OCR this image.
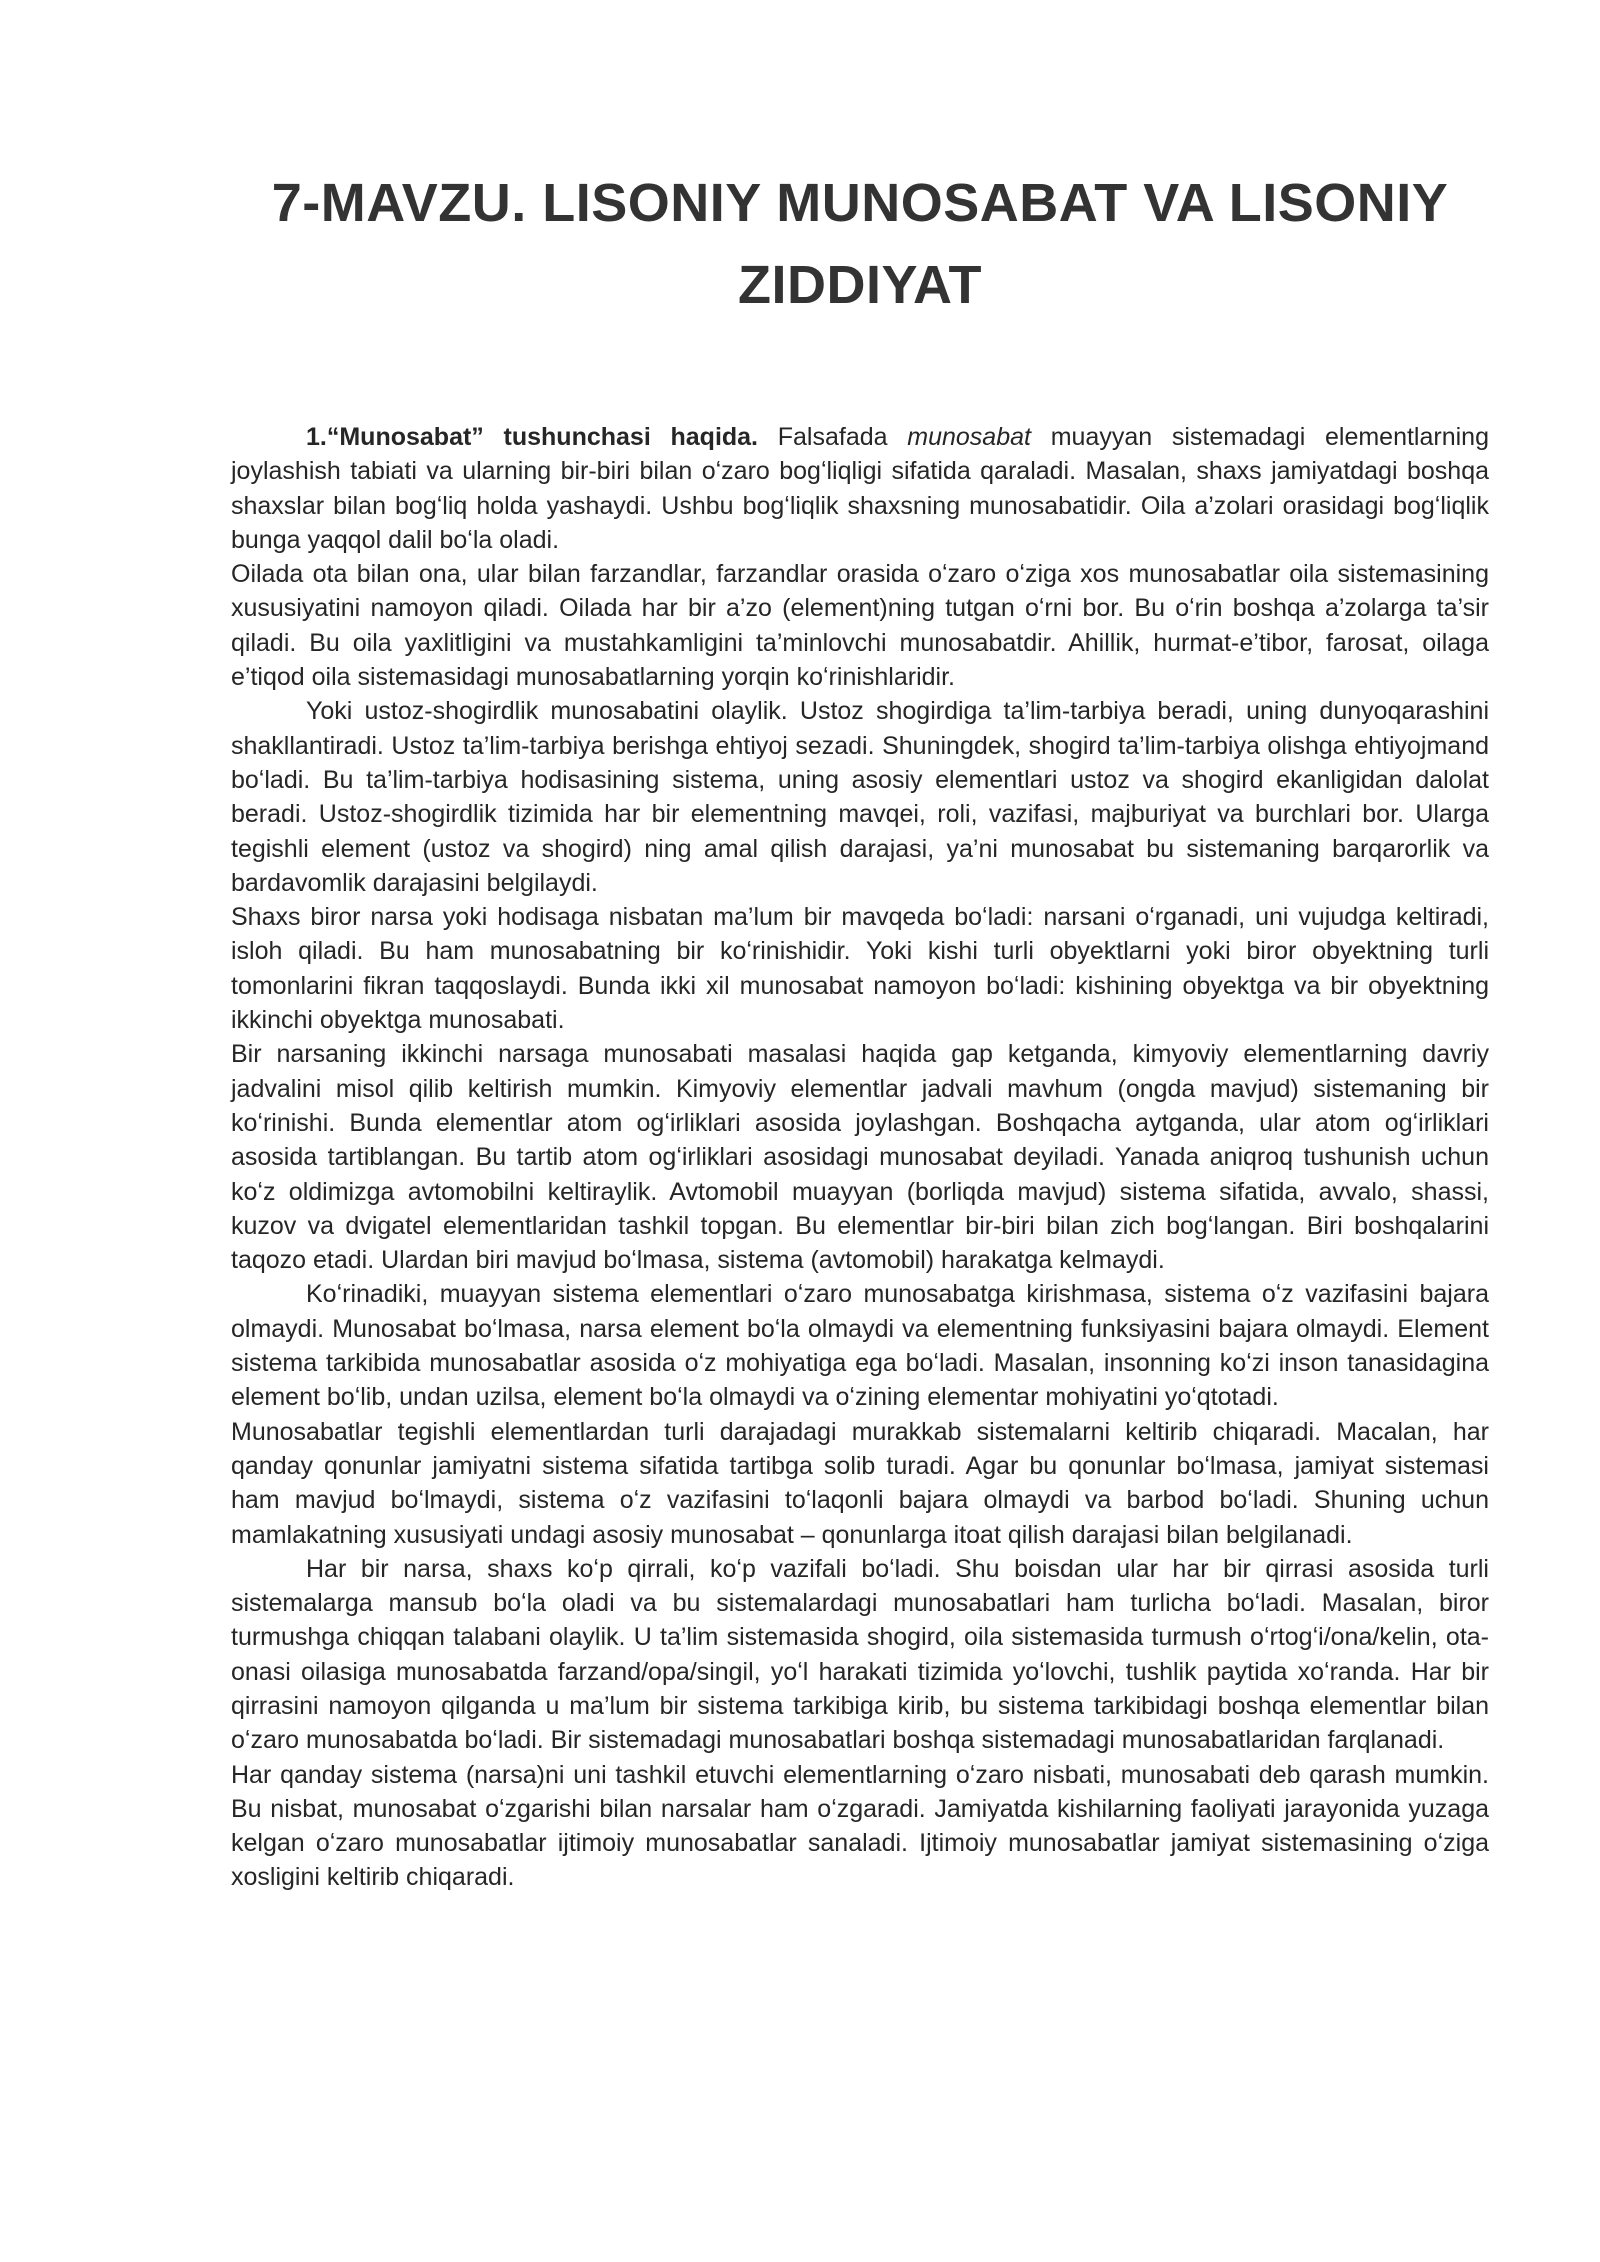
7-MAVZU. LISONIY MUNOSABAT VA LISONIY
ZIDDIYAT

1.“Munosabat” tushunchasi haqida. Falsafada munosabat muayyan sistemadagi elementlarning joylashish tabiati va ularning bir-biri bilan oʻzaro bogʻliqligi sifatida qaraladi. Masalan, shaxs jamiyatdagi boshqa shaxslar bilan bogʻliq holda yashaydi. Ushbu bogʻliqlik shaxsning munosabatidir. Oila a’zolari orasidagi bogʻliqlik bunga yaqqol dalil boʻla oladi.

Oilada ota bilan ona, ular bilan farzandlar, farzandlar orasida oʻzaro oʻziga xos munosabatlar oila sistemasining xususiyatini namoyon qiladi. Oilada har bir a’zo (element)ning tutgan oʻrni bor. Bu oʻrin boshqa a’zolarga ta’sir qiladi. Bu oila yaxlitligini va mustahkamligini ta’minlovchi munosabatdir. Ahillik, hurmat-e’tibor, farosat, oilaga e’tiqod oila sistemasidagi munosabatlarning yorqin koʻrinishlaridir.

Yoki ustoz-shogirdlik munosabatini olaylik. Ustoz shogirdiga ta’lim-tarbiya beradi, uning dunyoqarashini shakllantiradi. Ustoz ta’lim-tarbiya berishga ehtiyoj sezadi. Shuningdek, shogird ta’lim-tarbiya olishga ehtiyojmand boʻladi. Bu ta’lim-tarbiya hodisasining sistema, uning asosiy elementlari ustoz va shogird ekanligidan dalolat beradi. Ustoz-shogirdlik tizimida har bir elementning mavqei, roli, vazifasi, majburiyat va burchlari bor. Ularga tegishli element (ustoz va shogird) ning amal qilish darajasi, ya’ni munosabat bu sistemaning barqarorlik va bardavomlik darajasini belgilaydi.

Shaxs biror narsa yoki hodisaga nisbatan ma’lum bir mavqeda boʻladi: narsani oʻrganadi, uni vujudga keltiradi, isloh qiladi. Bu ham munosabatning bir koʻrinishidir. Yoki kishi turli obyektlarni yoki biror obyektning turli tomonlarini fikran taqqoslaydi. Bunda ikki xil munosabat namoyon boʻladi: kishining obyektga va bir obyektning ikkinchi obyektga munosabati.

Bir narsaning ikkinchi narsaga munosabati masalasi haqida gap ketganda, kimyoviy elementlarning davriy jadvalini misol qilib keltirish mumkin. Kimyoviy elementlar jadvali mavhum (ongda mavjud) sistemaning bir koʻrinishi. Bunda elementlar atom ogʻirliklari asosida joylashgan. Boshqacha aytganda, ular atom ogʻirliklari asosida tartiblangan. Bu tartib atom ogʻirliklari asosidagi munosabat deyiladi. Yanada aniqroq tushunish uchun koʻz oldimizga avtomobilni keltiraylik. Avtomobil muayyan (borliqda mavjud) sistema sifatida, avvalo, shassi, kuzov va dvigatel elementlaridan tashkil topgan. Bu elementlar bir-biri bilan zich bogʻlangan. Biri boshqalarini taqozo etadi. Ulardan biri mavjud boʻlmasa, sistema (avtomobil) harakatga kelmaydi.

Koʻrinadiki, muayyan sistema elementlari oʻzaro munosabatga kirishmasa, sistema oʻz vazifasini bajara olmaydi. Munosabat boʻlmasa, narsa element boʻla olmaydi va elementning funksiyasini bajara olmaydi. Element sistema tarkibida munosabatlar asosida oʻz mohiyatiga ega boʻladi. Masalan, insonning koʻzi inson tanasidagina element boʻlib, undan uzilsa, element boʻla olmaydi va oʻzining elementar mohiyatini yoʻqtotadi.

Munosabatlar tegishli elementlardan turli darajadagi murakkab sistemalarni keltirib chiqaradi. Macalan, har qanday qonunlar jamiyatni sistema sifatida tartibga solib turadi. Agar bu qonunlar boʻlmasa, jamiyat sistemasi ham mavjud boʻlmaydi, sistema oʻz vazifasini toʻlaqonli bajara olmaydi va barbod boʻladi. Shuning uchun mamlakatning xususiyati undagi asosiy munosabat – qonunlarga itoat qilish darajasi bilan belgilanadi.

Har bir narsa, shaxs koʻp qirrali, koʻp vazifali boʻladi. Shu boisdan ular har bir qirrasi asosida turli sistemalarga mansub boʻla oladi va bu sistemalardagi munosabatlari ham turlicha boʻladi. Masalan, biror turmushga chiqqan talabani olaylik. U ta’lim sistemasida shogird, oila sistemasida turmush oʻrtogʻi/ona/kelin, ota-onasi oilasiga munosabatda farzand/opa/singil, yoʻl harakati tizimida yoʻlovchi, tushlik paytida xoʻranda. Har bir qirrasini namoyon qilganda u ma’lum bir sistema tarkibiga kirib, bu sistema tarkibidagi boshqa elementlar bilan oʻzaro munosabatda boʻladi. Bir sistemadagi munosabatlari boshqa sistemadagi munosabatlaridan farqlanadi.

Har qanday sistema (narsa)ni uni tashkil etuvchi elementlarning oʻzaro nisbati, munosabati deb qarash mumkin. Bu nisbat, munosabat oʻzgarishi bilan narsalar ham oʻzgaradi. Jamiyatda kishilarning faoliyati jarayonida yuzaga kelgan oʻzaro munosabatlar ijtimoiy munosabatlar sanaladi. Ijtimoiy munosabatlar jamiyat sistemasining oʻziga xosligini keltirib chiqaradi.
